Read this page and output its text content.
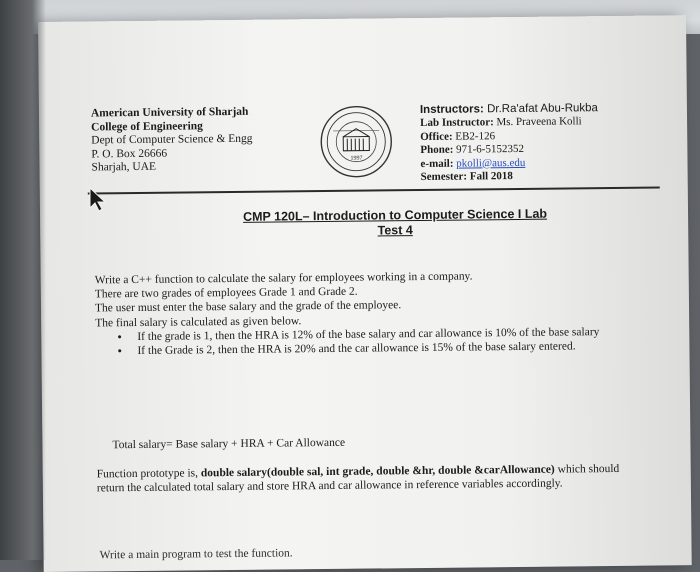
American University of Sharjah
College of Engineering
Dept of Computer Science & Engg
P. O. Box 26666
Sharjah, UAE
1997
Instructors: Dr.Ra'afat Abu-Rukba
Lab Instructor: Ms. Praveena Kolli
Office: EB2-126
Phone: 971-6-5152352
e-mail: pkolli@aus.edu
Semester: Fall 2018
CMP 120L– Introduction to Computer Science I Lab
Test 4

Write a C++ function to calculate the salary for employees working in a company.

There are two grades of employees Grade 1 and Grade 2.

The user must enter the base salary and the grade of the employee.

The final salary is calculated as given below.

• If the grade is 1, then the HRA is 12% of the base salary and car allowance is 10% of the base salary
• If the Grade is 2, then the HRA is 20% and the car allowance is 15% of the base salary entered.
Total salary= Base salary + HRA + Car Allowance
Function prototype is, double salary(double sal, int grade, double &hr, double &carAllowance) which should return the calculated total salary and store HRA and car allowance in reference variables accordingly.
Write a main program to test the function.
